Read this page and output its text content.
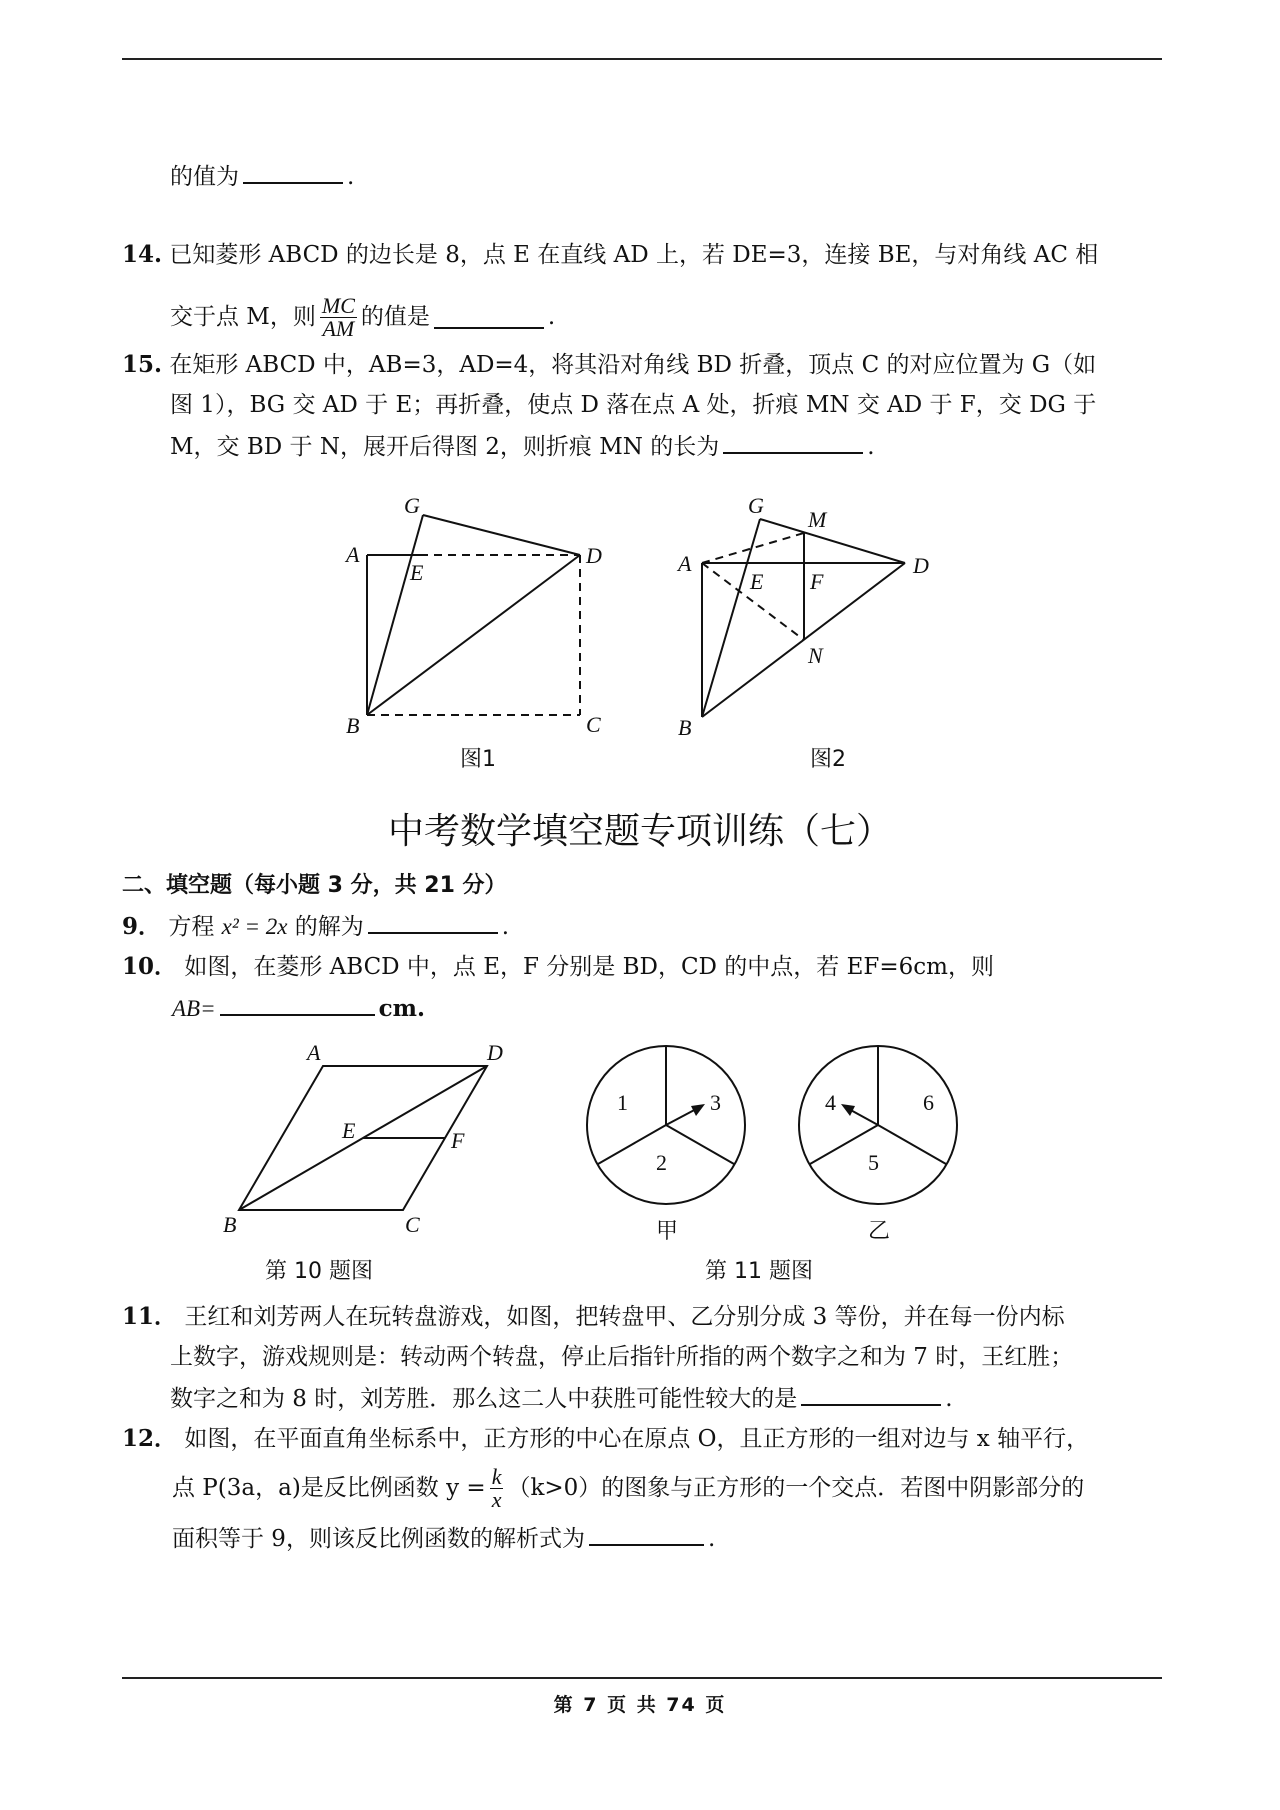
的值为	.
14. 已知菱形 ABCD 的边长是 8，点 E 在直线 AD 上，若 DE=3，连接 BE，与对角线 AC 相
交于点 M，则 $\frac{MC}{AM}$ 的值是	.
15. 在矩形 ABCD 中，AB=3，AD=4，将其沿对角线 BD 折叠，顶点 C 的对应位置为 G（如
图 1），BG 交 AD 于 E；再折叠，使点 D 落在点 A 处，折痕 MN 交 AD 于 F，交 DG 于
M，交 BD 于 N，展开后得图 2，则折痕 MN 的长为	.
A
B	C
D
E
G
图1
A
B
D
E F
G
M
N
图2
中考数学填空题专项训练（七）
二、填空题（每小题 3 分，共 21 分）
9． 方程 x² = 2x 的解为	.
10． 如图，在菱形 ABCD 中，点 E，F 分别是 BD，CD 的中点，若 EF=6cm，则
AB=	cm.
A	D
B	C
E	F
第 10 题图
1
2
3
甲
4
5
6
乙
第 11 题图
11． 王红和刘芳两人在玩转盘游戏，如图，把转盘甲、乙分别分成 3 等份，并在每一份内标
上数字，游戏规则是：转动两个转盘，停止后指针所指的两个数字之和为 7 时，王红胜；
数字之和为 8 时，刘芳胜．那么这二人中获胜可能性较大的是	.
12． 如图，在平面直角坐标系中，正方形的中心在原点 O，且正方形的一组对边与 x 轴平行，
点 P(3a，a)是反比例函数 $y = \frac{k}{x} (k>0)$的图象与正方形的一个交点．若图中阴影部分的
面积等于 9，则该反比例函数的解析式为	.
第 7 页 共 74 页
